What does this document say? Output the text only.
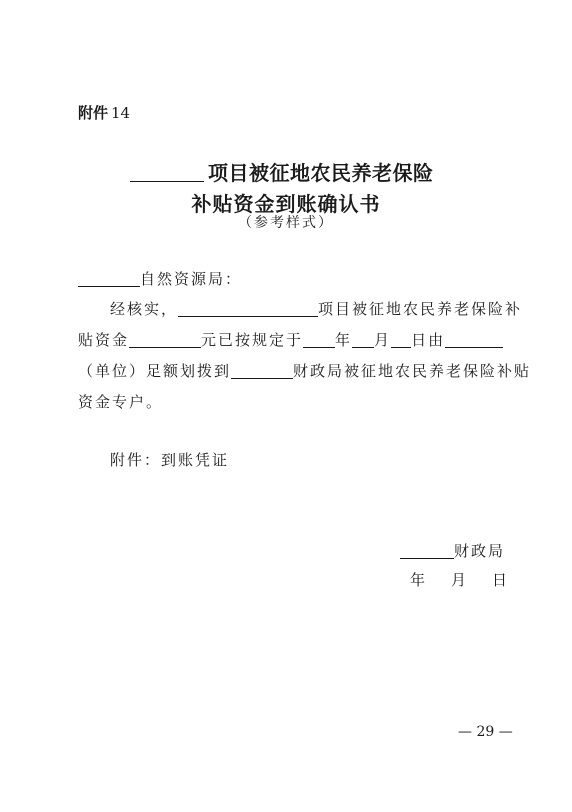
附件 14
项目被征地农民养老保险
补贴资金到账确认书
（参考样式）
自然资源局：
经核实，	项目被征地农民养老保险补
贴资金	元已按规定于 年 月 日由
（单位）足额划拨到	财政局被征地农民养老保险补贴
资金专户。
附件：到账凭证
财政局
年 月 日
— 29 —
